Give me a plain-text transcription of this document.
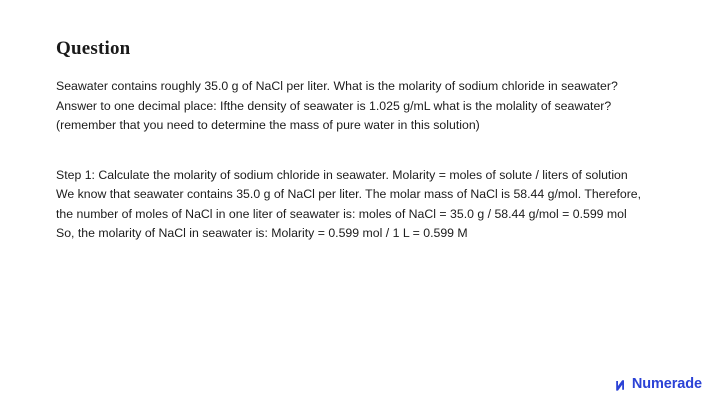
Question

Seawater contains roughly 35.0 g of NaCl per liter. What is the molarity of sodium chloride in seawater? Answer to one decimal place: Ifthe density of seawater is 1.025 g/mL what is the molality of seawater? (remember that you need to determine the mass of pure water in this solution)

Step 1: Calculate the molarity of sodium chloride in seawater. Molarity = moles of solute / liters of solution We know that seawater contains 35.0 g of NaCl per liter. The molar mass of NaCl is 58.44 g/mol. Therefore, the number of moles of NaCl in one liter of seawater is: moles of NaCl = 35.0 g / 58.44 g/mol = 0.599 mol So, the molarity of NaCl in seawater is: Molarity = 0.599 mol / 1 L = 0.599 M

Numerade
